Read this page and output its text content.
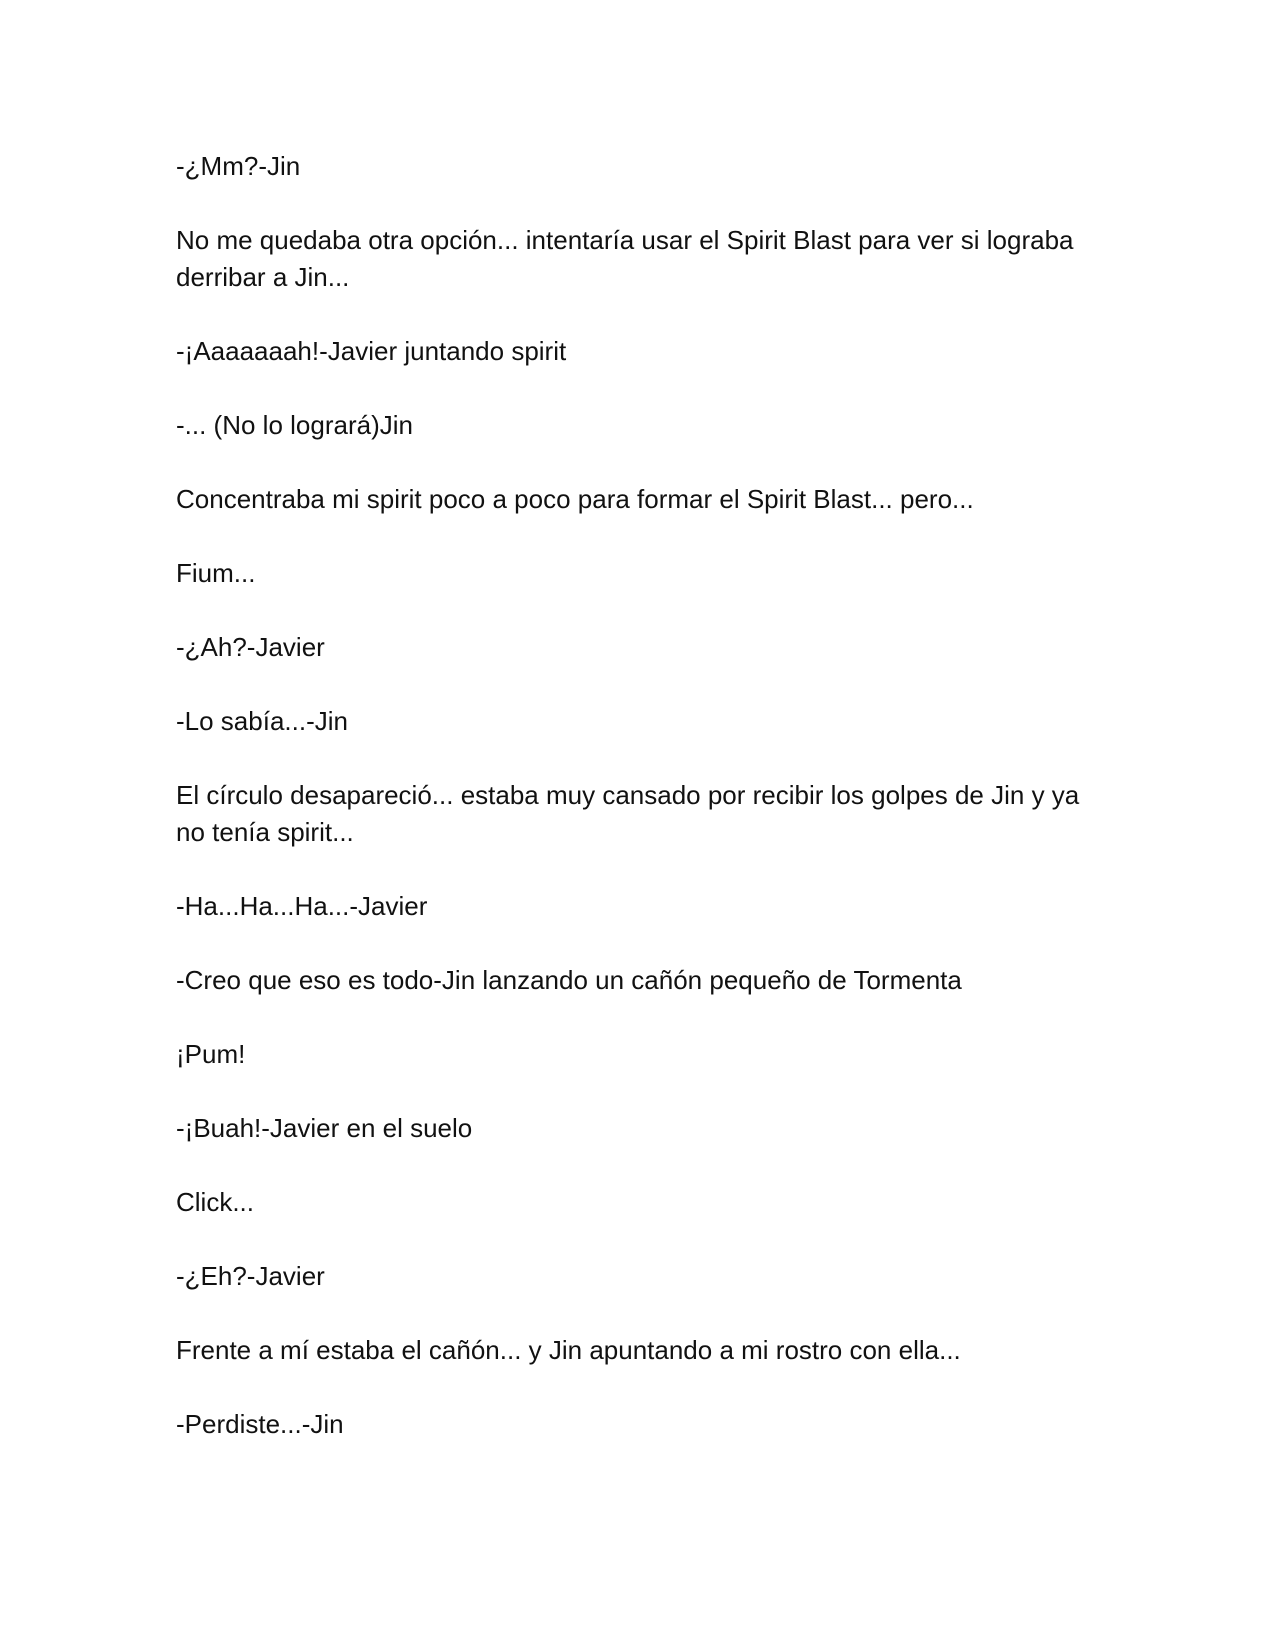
-¿Mm?-Jin

No me quedaba otra opción... intentaría usar el Spirit Blast para ver si lograba derribar a Jin...

-¡Aaaaaaah!-Javier juntando spirit

-... (No lo logrará)Jin

Concentraba mi spirit poco a poco para formar el Spirit Blast... pero...

Fium...

-¿Ah?-Javier

-Lo sabía...-Jin

El círculo desapareció... estaba muy cansado por recibir los golpes de Jin y ya no tenía spirit...

-Ha...Ha...Ha...-Javier

-Creo que eso es todo-Jin lanzando un cañón pequeño de Tormenta

¡Pum!

-¡Buah!-Javier en el suelo

Click...

-¿Eh?-Javier

Frente a mí estaba el cañón... y Jin apuntando a mi rostro con ella...

-Perdiste...-Jin
